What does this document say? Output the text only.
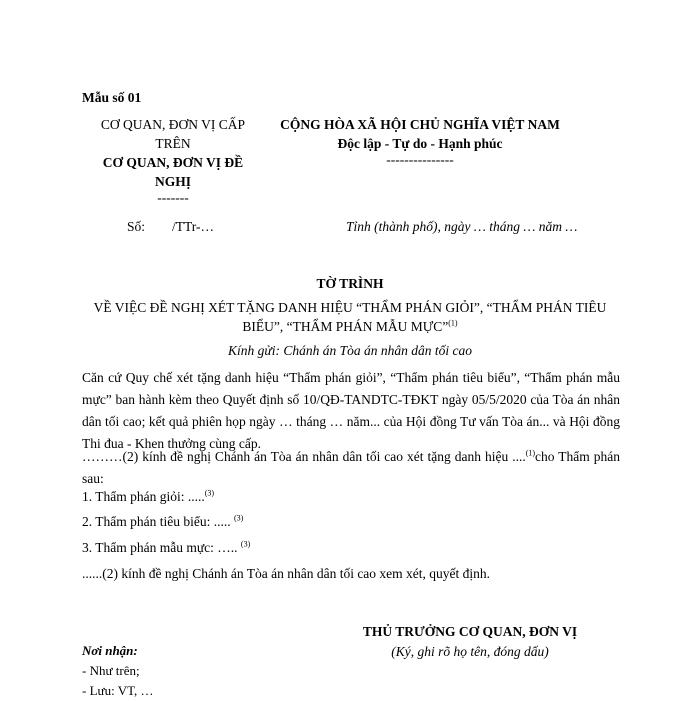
Mẫu số 01
CƠ QUAN, ĐƠN VỊ CẤP
TRÊN
CƠ QUAN, ĐƠN VỊ ĐỀ
NGHỊ
-------
CỘNG HÒA XÃ HỘI CHỦ NGHĨA VIỆT NAM
Độc lập - Tự do - Hạnh phúc
---------------
Số: /TTr-…	Tỉnh (thành phố), ngày … tháng … năm …
TỜ TRÌNH
VỀ VIỆC ĐỀ NGHỊ XÉT TẶNG DANH HIỆU “THẨM PHÁN GIỎI”, “THẨM PHÁN TIÊU
BIỂU”, “THẨM PHÁN MẪU MỰC”$^{(1)}$
Kính gửi: Chánh án Tòa án nhân dân tối cao
Căn cứ Quy chế xét tặng danh hiệu “Thẩm phán giỏi”, “Thẩm phán tiêu biểu”, “Thẩm phán mẫu mực” ban hành kèm theo Quyết định số 10/QĐ-TANDTC-TĐKT ngày 05/5/2020 của Tòa án nhân dân tối cao; kết quả phiên họp ngày … tháng … năm... của Hội đồng Tư vấn Tòa án... và Hội đồng Thi đua - Khen thưởng cùng cấp.
………(2) kính đề nghị Chánh án Tòa án nhân dân tối cao xét tặng danh hiệu ....$^{(1)}$cho Thẩm phán sau:
1. Thẩm phán giỏi: .....$^{(3)}$
2. Thẩm phán tiêu biểu: ..... $^{(3)}$
3. Thẩm phán mẫu mực: ….. $^{(3)}$
......(2) kính đề nghị Chánh án Tòa án nhân dân tối cao xem xét, quyết định.
THỦ TRƯỞNG CƠ QUAN, ĐƠN VỊ
(Ký, ghi rõ họ tên, đóng dấu)
Nơi nhận:
- Như trên;
- Lưu: VT, …
